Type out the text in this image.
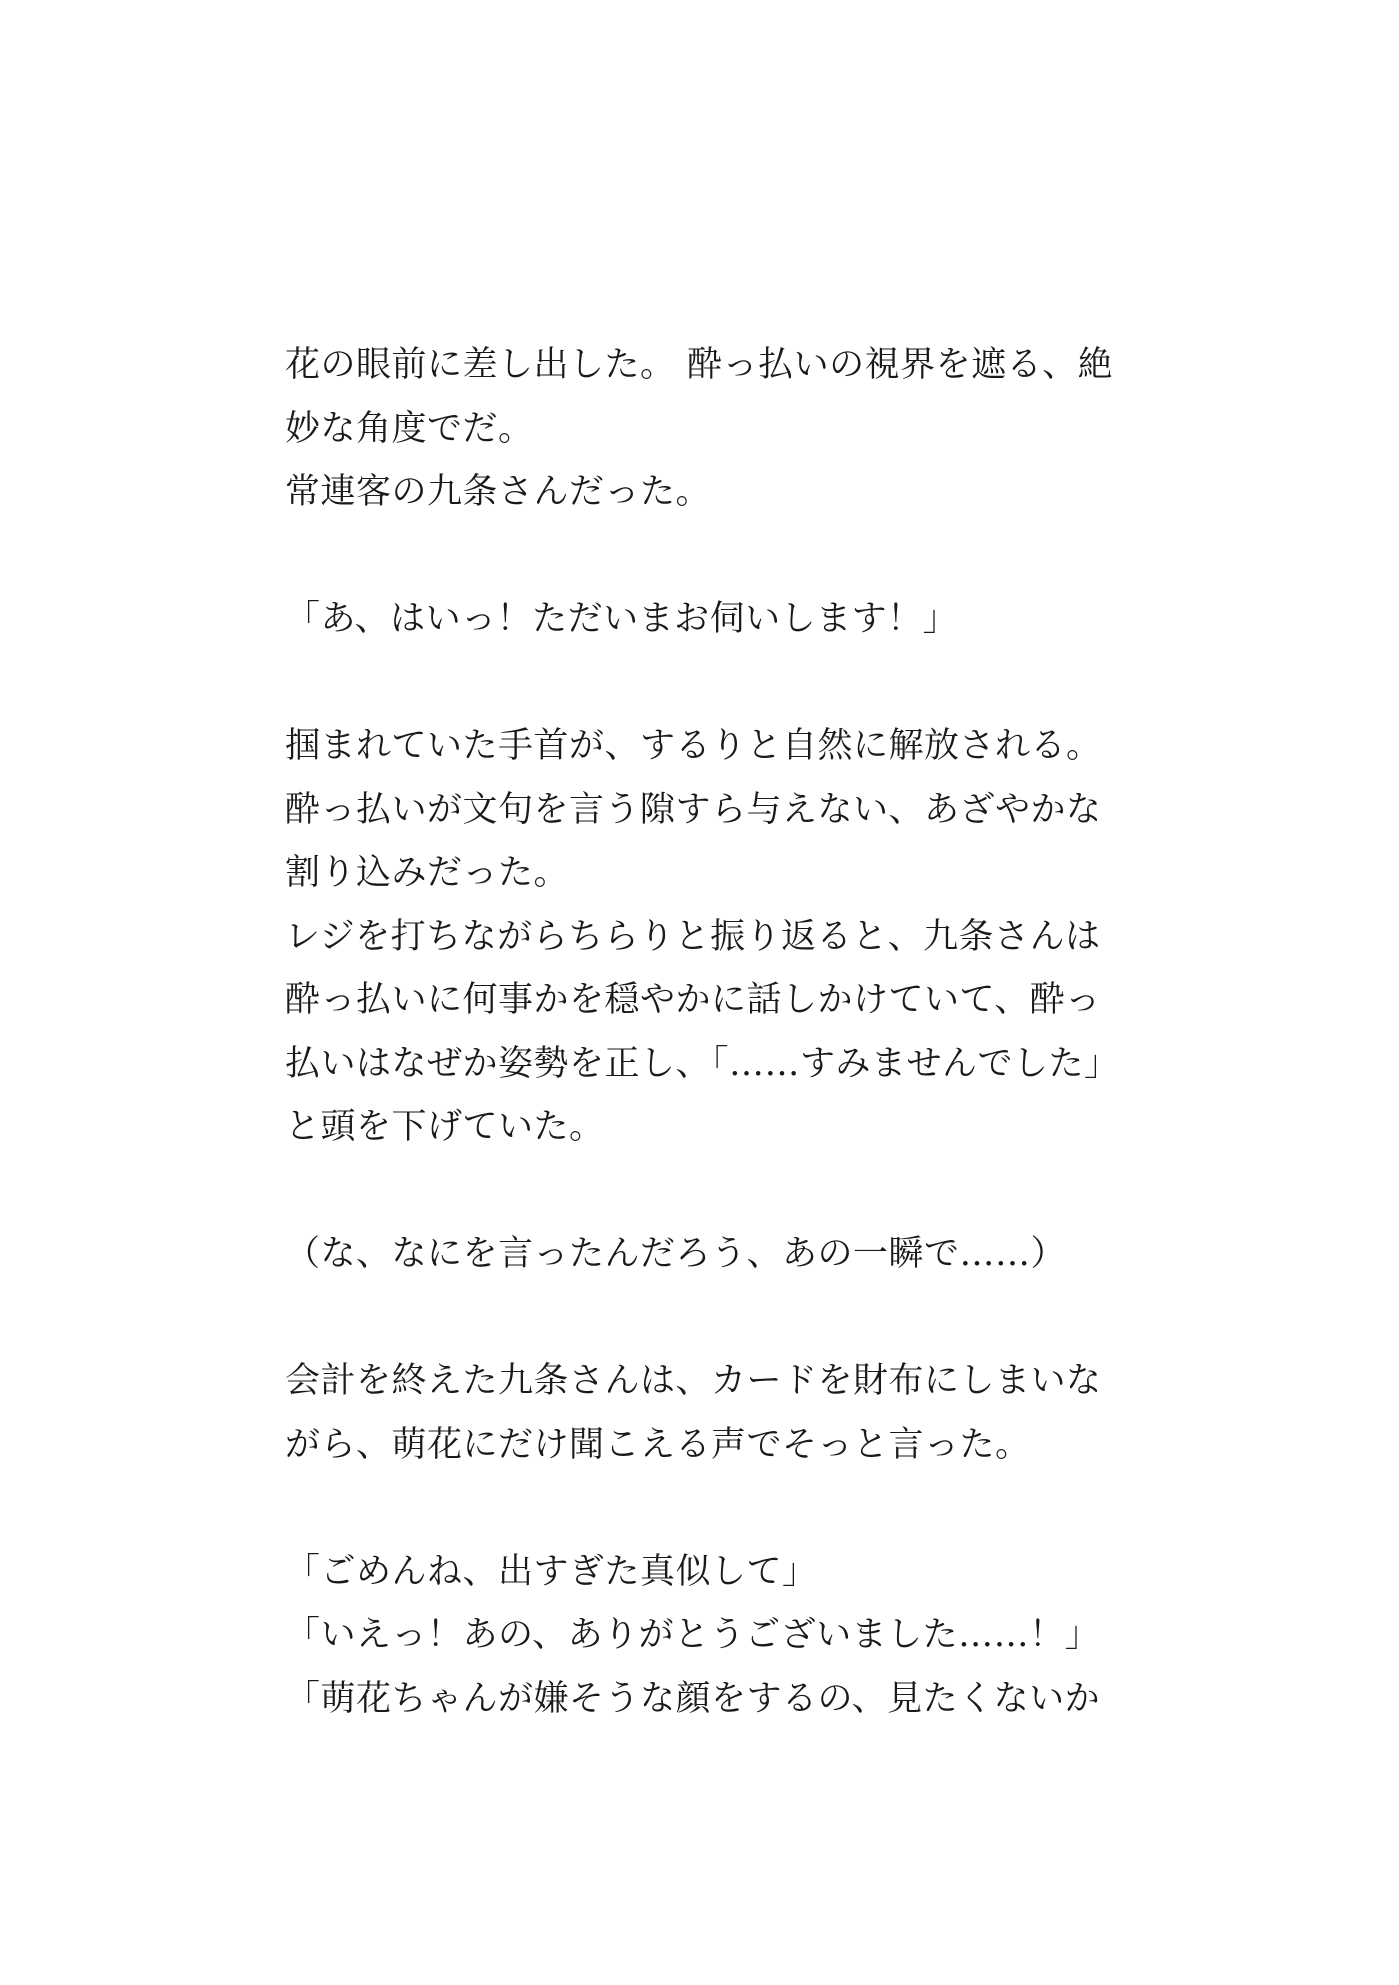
花の眼前に差し出した。 酔っ払いの視界を遮る、絶
妙な角度でだ。
常連客の九条さんだった。
「あ、はいっ！ただいまお伺いします！」
掴まれていた手首が、するりと自然に解放される。
酔っ払いが文句を言う隙すら与えない、あざやかな
割り込みだった。
レジを打ちながらちらりと振り返ると、九条さんは
酔っ払いに何事かを穏やかに話しかけていて、酔っ
払いはなぜか姿勢を正し、「……すみませんでした」
と頭を下げていた。
（な、なにを言ったんだろう、あの一瞬で……）
会計を終えた九条さんは、カードを財布にしまいな
がら、萌花にだけ聞こえる声でそっと言った。
「ごめんね、出すぎた真似して」
「いえっ！あの、ありがとうございました……！」
「萌花ちゃんが嫌そうな顔をするの、見たくないか
